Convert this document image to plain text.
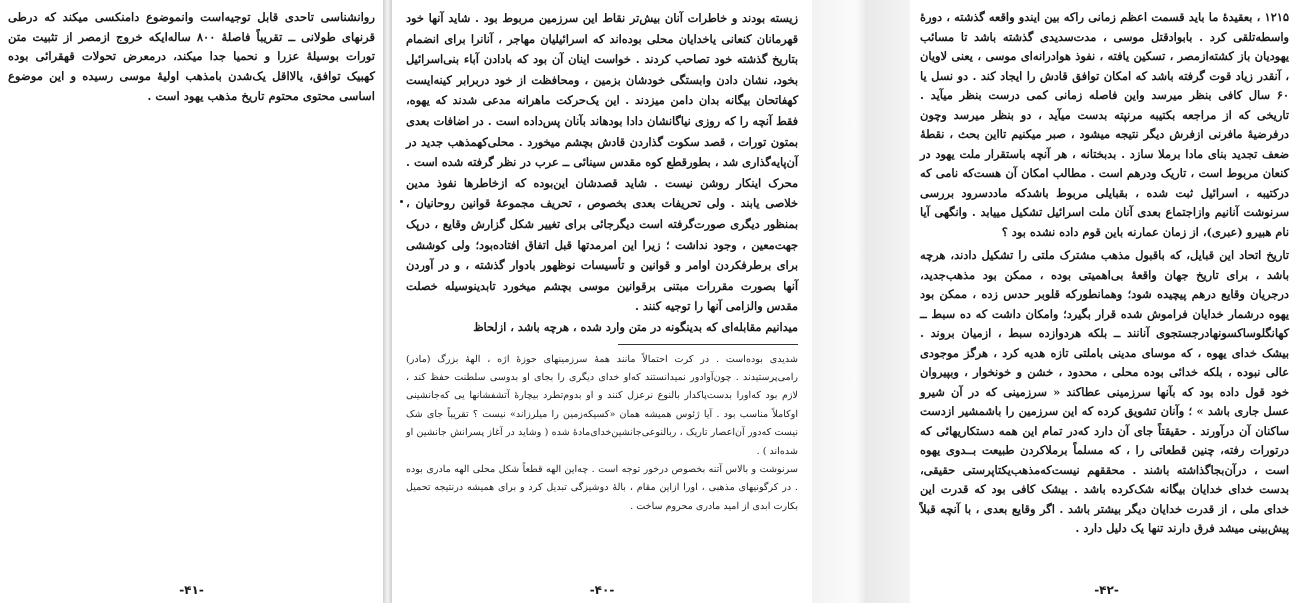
روانشناسی تاحدی قابل توجیه‌است وانموضوع دامنکسی میکند که درطی قرنهای طولانی ــ تقریباً فاصلهٔ ۸۰۰ ساله‌ایکه خروج ازمصر از تثبیت متن تورات بوسیلهٔ عزرا و نحمیا جدا میکند، درمعرض تحولات قهقرائی بوده کهبیک توافق، یالااقل یک‌شدن بامذهب اولیهٔ موسی رسیده و این موضوع اساسی محتوی محتوم تاریخ مذهب یهود است .

-۴۱-

زیسته بودند و خاطرات آنان بیش‌تر نقاط این سرزمین مربوط بود . شاید آنها خود قهرمانان کنعانی یاخدایان محلی بوده‌اند که اسرائیلیان مهاجر ، آنانرا برای انضمام بتاریخ گذشته خود تصاحب کردند . خواست اینان آن بود که بادادن آباء بنی‌اسرائیل بخود، نشان دادن وابستگی خودشان بزمین ، ومحافظت از خود دربرابر کینه‌ایست کهفاتحان بیگانه بدان دامن میزدند . این یک‌حرکت ماهرانه مدعی شدند که یهوه، فقط آنچه را که روزی نیاگانشان دادا بودهاند بآنان پس‌داده است . در اضافات بعدی بمتون تورات ، قصد سکوت گذاردن قادش بچشم میخورد . محلی‌کهمذهب جدید در آن‌پایه‌گذاری شد ، بطورقطع کوه مقدس سینائی ــ عرب در نظر گرفته شده است . محرک اینکار روشن نیست . شاید قصدشان این‌بوده که ازخاطرها نفوذ مدین خلاصی یابند . ولی تحریفات بعدی بخصوص ، تحریف مجموعهٔ قوانین روحانیان ، بمنظور دیگری صورت‌گرفته است دیگرجائی برای تغییر شکل گزارش وقایع ، درپک جهت‌معین ، وجود نداشت ؛ زیرا این امرمدتها قبل اتفاق افتاده‌بود؛ ولی کوششی برای برطرفکردن اوامر و قوانین و تأسیسات نوظهور بادوار گذشته ، و در آوردن آنها بصورت مقررات مبتنی برقوانین موسی بچشم میخورد تابدینوسیله خصلت مقدس والزامی آنها را توجیه کنند .

میدانیم مقابله‌ای که بدینگونه در متن وارد شده ، هرچه باشد ، ازلحاظ

شدیدی بوده‌است . در کرت احتمالاً مانند همهٔ سرزمینهای حوزهٔ اژه ، الههٔ بزرگ (مادر) رامی‌پرستیدند . چون‌آوادور نمیدانستند که‌او خدای دیگری را بجای او بدوسی سلطنت حفظ کند ، لازم بود که‌اورا بدست‌پاکدار بالنوع نرعزل کنند و او بدوم‌تطرد بیچارهٔ آتشفشانها یی که‌جانشینی اوکاملاً مناسب بود . آیا ژئوس همیشه همان «کسیکه‌زمین را میلرزاند» نیست ؟ تقریباً جای شک نیست که‌دور آن‌اعصار تاریک ، ربالنوعی‌جانشین‌خدای‌مادهٔ شده ( وشاید در آغاز پسرانش جانشین او شده‌اند ) .

سرنوشت و بالاس آتنه بخصوص درخور توجه است . چه‌این الهه قطعاً شکل محلی الهه مادری بوده . در کرگونیهای مذهبی ، اورا ازاین مقام ، بالهٔ دوشیزگی تبدیل کرد و برای همیشه درنتیجه تحمیل بکارت ابدی از امید مادری محروم ساخت .

-۴۰-

۱۲۱۵ ، بعقیدهٔ ما باید قسمت اعظم زمانی راکه بین ایندو واقعه گذشته ، دورهٔ واسطه‌تلقی کرد . بابوادقتل موسی ، مدت‌سدیدی گذشته باشد تا مسائب یهودیان باز کشته‌ازمصر ، تسکین یافته ، نفوذ هوادرانه‌ای موسی ، یعنی لاویان ، آنقدر زیاد قوت گرفته باشد که امکان توافق قادش را ایجاد کند . دو نسل یا ۶۰ سال کافی بنظر میرسد واین فاصله زمانی کمی درست بنظر میآید . تاریخی که از مراجعه بکتیبه مرنپته بدست میآید ، دو بنظر میرسد وچون درفرضیهٔ مافرنی ازفرش دیگر نتیجه میشود ، صبر میکنیم تااین بحث ، نقطهٔ ضعف تجدید بنای مادا برملا سازد . بدبختانه ، هر آنچه باستقرار ملت یهود در کنعان مربوط است ، تاریک ودرهم است . مطالب امکان آن هست‌که نامی که درکتیبه ، اسرائیل ثبت شده ، بقبایلی مربوط باشدکه ماددسرود بررسی سرنوشت آنانیم وازاجتماع بعدی آنان ملت اسرائیل تشکیل مییابد . وانگهی آیا نام هبیرو (عبری)، از زمان عمارنه باین قوم داده نشده بود ؟

تاریخ اتحاد این قبایل، که باقبول مذهب مشترک ملتی را تشکیل دادند، هرچه باشد ، برای تاریخ جهان واقعهٔ بی‌اهمیتی بوده ، ممکن بود مذهب‌جدید، درجریان وقایع درهم پیچیده شود؛ وهمانطورکه قلوبر حدس زده ، ممکن بود یهوه درشمار خدایان فراموش شده قرار بگیرد؛ وامکان داشت که ده سبط ــ کهانگلوساکسونها‌درجستجوی آنانند ــ بلکه هردوازده سبط ، ازمیان بروند . بیشک خدای یهوه ، که موسای مدینی باملتی تازه هدیه کرد ، هرگز موجودی عالی نبوده ، بلکه خدائی بوده محلی ، محدود ، خشن و خونخوار ، وبپیروان خود قول داده بود که بآنها سرزمینی عطاکند « سرزمینی که در آن شیرو عسل جاری باشد » ؛ وآنان تشویق کرده که این سرزمین را باشمشیر ازدست ساکنان آن درآورند . حقیقتاً جای آن دارد که‌در تمام این همه دستکاریهائی که درتورات رفته، چنین قطعاتی را ، که مسلماً برملاکردن طبیعت بــدوی یهوه است ، درآن‌بجاگذاشته باشند . محققهم نیست‌که‌مذهب‌یکتاپرستی حقیقی، بدست خدای خدایان بیگانه شک‌کرده باشد . بیشک کافی بود که قدرت این خدای ملی ، از قدرت خدایان دیگر بیشتر باشد . اگر وقایع بعدی ، با آنچه قبلاً پیش‌بینی میشد فرق دارند تنها یک دلیل دارد .

-۴۲-
